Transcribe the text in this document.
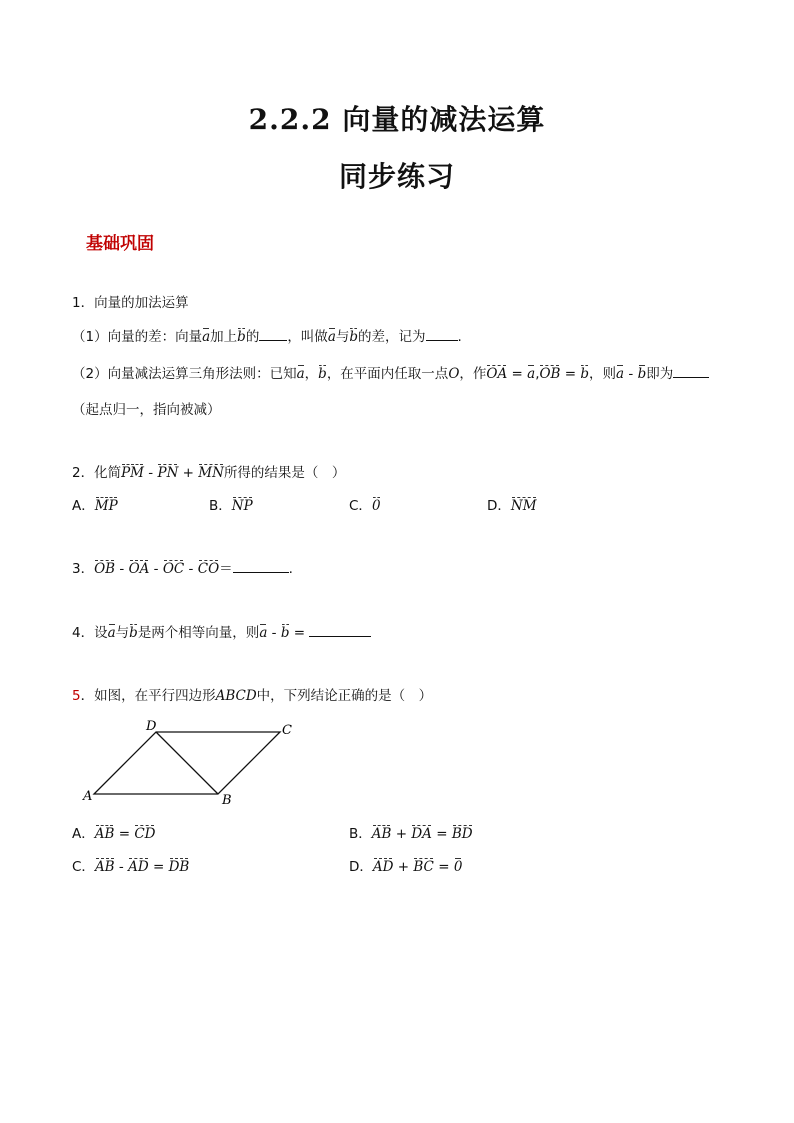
2.2.2 向量的减法运算
同步练习
基础巩固
1．向量的加法运算
（1）向量的差：向量a加上b的 ，叫做a与b的差，记为 .
（2）向量减法运算三角形法则：已知a，b，在平面内任取一点O，作OA = a,OB = b，则a - b即为
（起点归一，指向被减）
2．化简PM - PN + MN所得的结果是（　）
A．MP	B．NP	C．0	D．NM
3．OB - OA - OC - CO＝	.
4．设a与b是两个相等向量，则a - b =
5．如图，在平行四边形ABCD中，下列结论正确的是（　）
A	B
C
D
A．AB = CD	B．AB + DA = BD
C．AB - AD = DB	D．AD + BC = 0
